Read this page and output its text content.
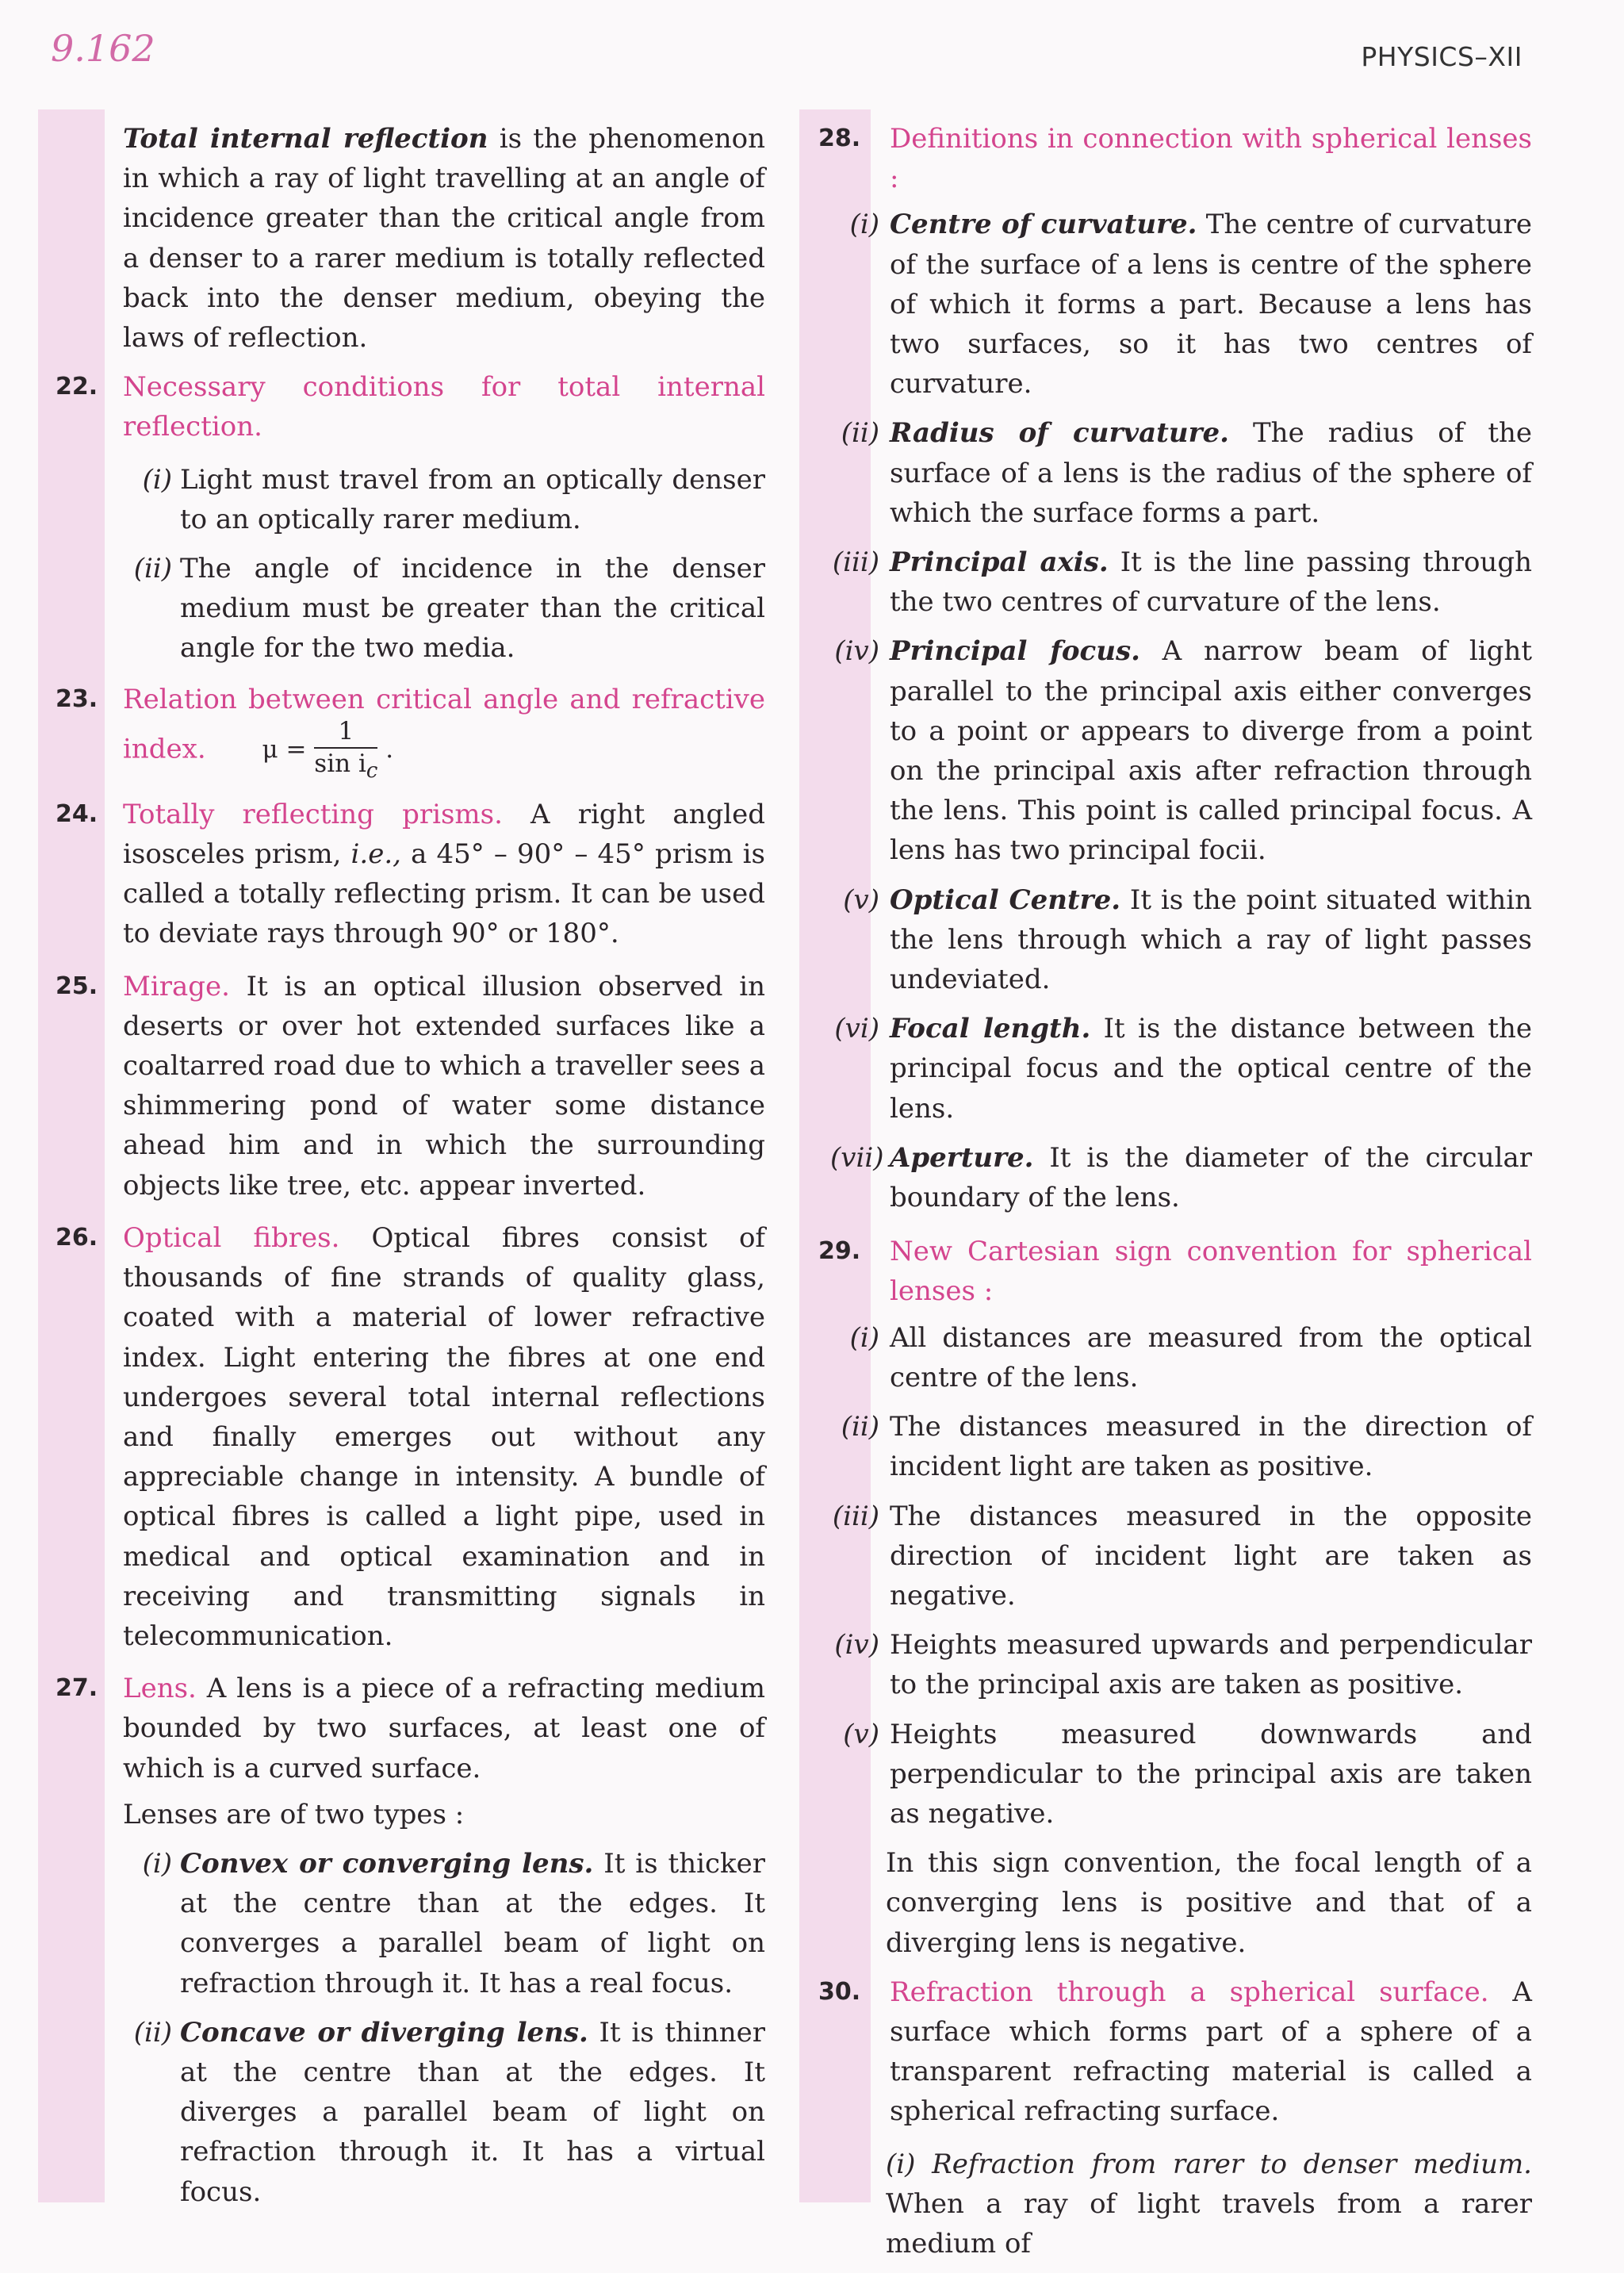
9.162	PHYSICS–XII

Total internal reflection is the phenomenon in which a ray of light travelling at an angle of incidence greater than the critical angle from a denser to a rarer medium is totally reflected back into the denser medium, obeying the laws of reflection.

22. Necessary conditions for total internal reflection.
(i) Light must travel from an optically denser to an optically rarer medium.
(ii) The angle of incidence in the denser medium must be greater than the critical angle for the two media.
23. Relation between critical angle and refractive index. $\mu = \frac{1}{\sin i_c}$ .
24. Totally reflecting prisms. A right angled isosceles prism, i.e., a 45° – 90° – 45° prism is called a totally reflecting prism. It can be used to deviate rays through 90° or 180°.
25. Mirage. It is an optical illusion observed in deserts or over hot extended surfaces like a coaltarred road due to which a traveller sees a shimmering pond of water some distance ahead him and in which the surrounding objects like tree, etc. appear inverted.
26. Optical fibres. Optical fibres consist of thousands of fine strands of quality glass, coated with a material of lower refractive index. Light entering the fibres at one end undergoes several total internal reflections and finally emerges out without any appreciable change in intensity. A bundle of optical fibres is called a light pipe, used in medical and optical examination and in receiving and transmitting signals in telecommunication.
27. Lens. A lens is a piece of a refracting medium bounded by two surfaces, at least one of which is a curved surface.

Lenses are of two types :

(i) Convex or converging lens. It is thicker at the centre than at the edges. It converges a parallel beam of light on refraction through it. It has a real focus.
(ii) Concave or diverging lens. It is thinner at the centre than at the edges. It diverges a parallel beam of light on refraction through it. It has a virtual focus.
28. Definitions in connection with spherical lenses :
(i) Centre of curvature. The centre of curvature of the surface of a lens is centre of the sphere of which it forms a part. Because a lens has two surfaces, so it has two centres of curvature.
(ii) Radius of curvature. The radius of the surface of a lens is the radius of the sphere of which the surface forms a part.
(iii) Principal axis. It is the line passing through the two centres of curvature of the lens.
(iv) Principal focus. A narrow beam of light parallel to the principal axis either converges to a point or appears to diverge from a point on the principal axis after refraction through the lens. This point is called principal focus. A lens has two principal focii.
(v) Optical Centre. It is the point situated within the lens through which a ray of light passes undeviated.
(vi) Focal length. It is the distance between the principal focus and the optical centre of the lens.
(vii) Aperture. It is the diameter of the circular boundary of the lens.
29. New Cartesian sign convention for spherical lenses :
(i) All distances are measured from the optical centre of the lens.
(ii) The distances measured in the direction of incident light are taken as positive.
(iii) The distances measured in the opposite direction of incident light are taken as negative.
(iv) Heights measured upwards and perpendicular to the principal axis are taken as positive.
(v) Heights measured downwards and perpendicular to the principal axis are taken as negative.

In this sign convention, the focal length of a converging lens is positive and that of a diverging lens is negative.

30. Refraction through a spherical surface. A surface which forms part of a sphere of a transparent refracting material is called a spherical refracting surface.

(i) Refraction from rarer to denser medium. When a ray of light travels from a rarer medium of
